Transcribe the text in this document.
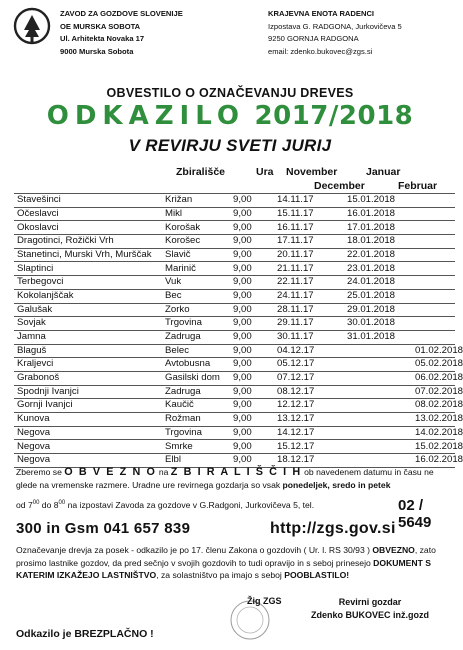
ZAVOD ZA GOZDOVE SLOVENIJE
OE MURSKA SOBOTA
Ul. Arhitekta Novaka 17
9000 Murska Sobota
KRAJEVNA ENOTA RADENCI
Izpostava G. RADGONA, Jurkovičeva 5
9250 GORNJA RADGONA
email: zdenko.bukovec@zgs.si
OBVESTILO O OZNAČEVANJU DREVES
ODKAZILO 2017/2018
V REVIRJU SVETI JURIJ
Zbirališče	Ura November	Januar
December	Februar
Stavešinci	Križan	9,00	14.11.17	15.01.2018	
Očeslavci	Mikl	9,00	15.11.17	16.01.2018	
Okoslavci	Korošak	9,00	16.11.17	17.01.2018	
Dragotinci, Rožički Vrh	Korošec	9,00	17.11.17	18.01.2018	
Stanetinci, Murski Vrh, Murščak	Slavič	9,00	20.11.17	22.01.2018	
Slaptinci	Marinič	9,00	21.11.17	23.01.2018	
Terbegovci	Vuk	9,00	22.11.17	24.01.2018	
Kokolanjščak	Bec	9,00	24.11.17	25.01.2018	
Galušak	Zorko	9,00	28.11.17	29.01.2018	
Sovjak	Trgovina	9,00	29.11.17	30.01.2018	
Jamna	Zadruga	9,00	30.11.17	31.01.2018	
Blaguš	Belec	9,00	04.12.17		01.02.2018
Kraljevci	Avtobusna	9,00	05.12.17		05.02.2018
Grabonoš	Gasilski dom	9,00	07.12.17		06.02.2018
Spodnji Ivanjci	Zadruga	9,00	08.12.17		07.02.2018
Gornji Ivanjci	Kaučič	9,00	12.12.17		08.02.2018
Kunova	Rožman	9,00	13.12.17		13.02.2018
Negova	Trgovina	9,00	14.12.17		14.02.2018
Negova	Smrke	9,00	15.12.17		15.02.2018
Negova	Elbl	9,00	18.12.17		16.02.2018
Zberemo se O B V E Z N O na Z B I R A L I Š Č I H ob navedenem datumu in času ne glede na vremenske razmere. Uradne ure revirnega gozdarja so vsak ponedeljek, sredo in petek
od $7^{00}$ do $8^{00}$ na izpostavi Zavoda za gozdove v G.Radgoni, Jurkovičeva 5, tel.	02 / 5649
300 in Gsm 041 657 839	http://zgs.gov.si
Označevanje drevja za posek - odkazilo je po 17. členu Zakona o gozdovih ( Ur. l. RS 30/93 ) OBVEZNO, zato prosimo lastnike gozdov, da pred sečnjo v svojih gozdovih to tudi opravijo in s seboj prinesejo DOKUMENT S KATERIM IZKAŽEJO LASTNIŠTVO, za solastništvo pa imajo s seboj POOBLASTILO!
Žig ZGS	Revirni gozdar
Zdenko BUKOVEC inž.gozd
Odkazilo je BREZPLAČNO !
